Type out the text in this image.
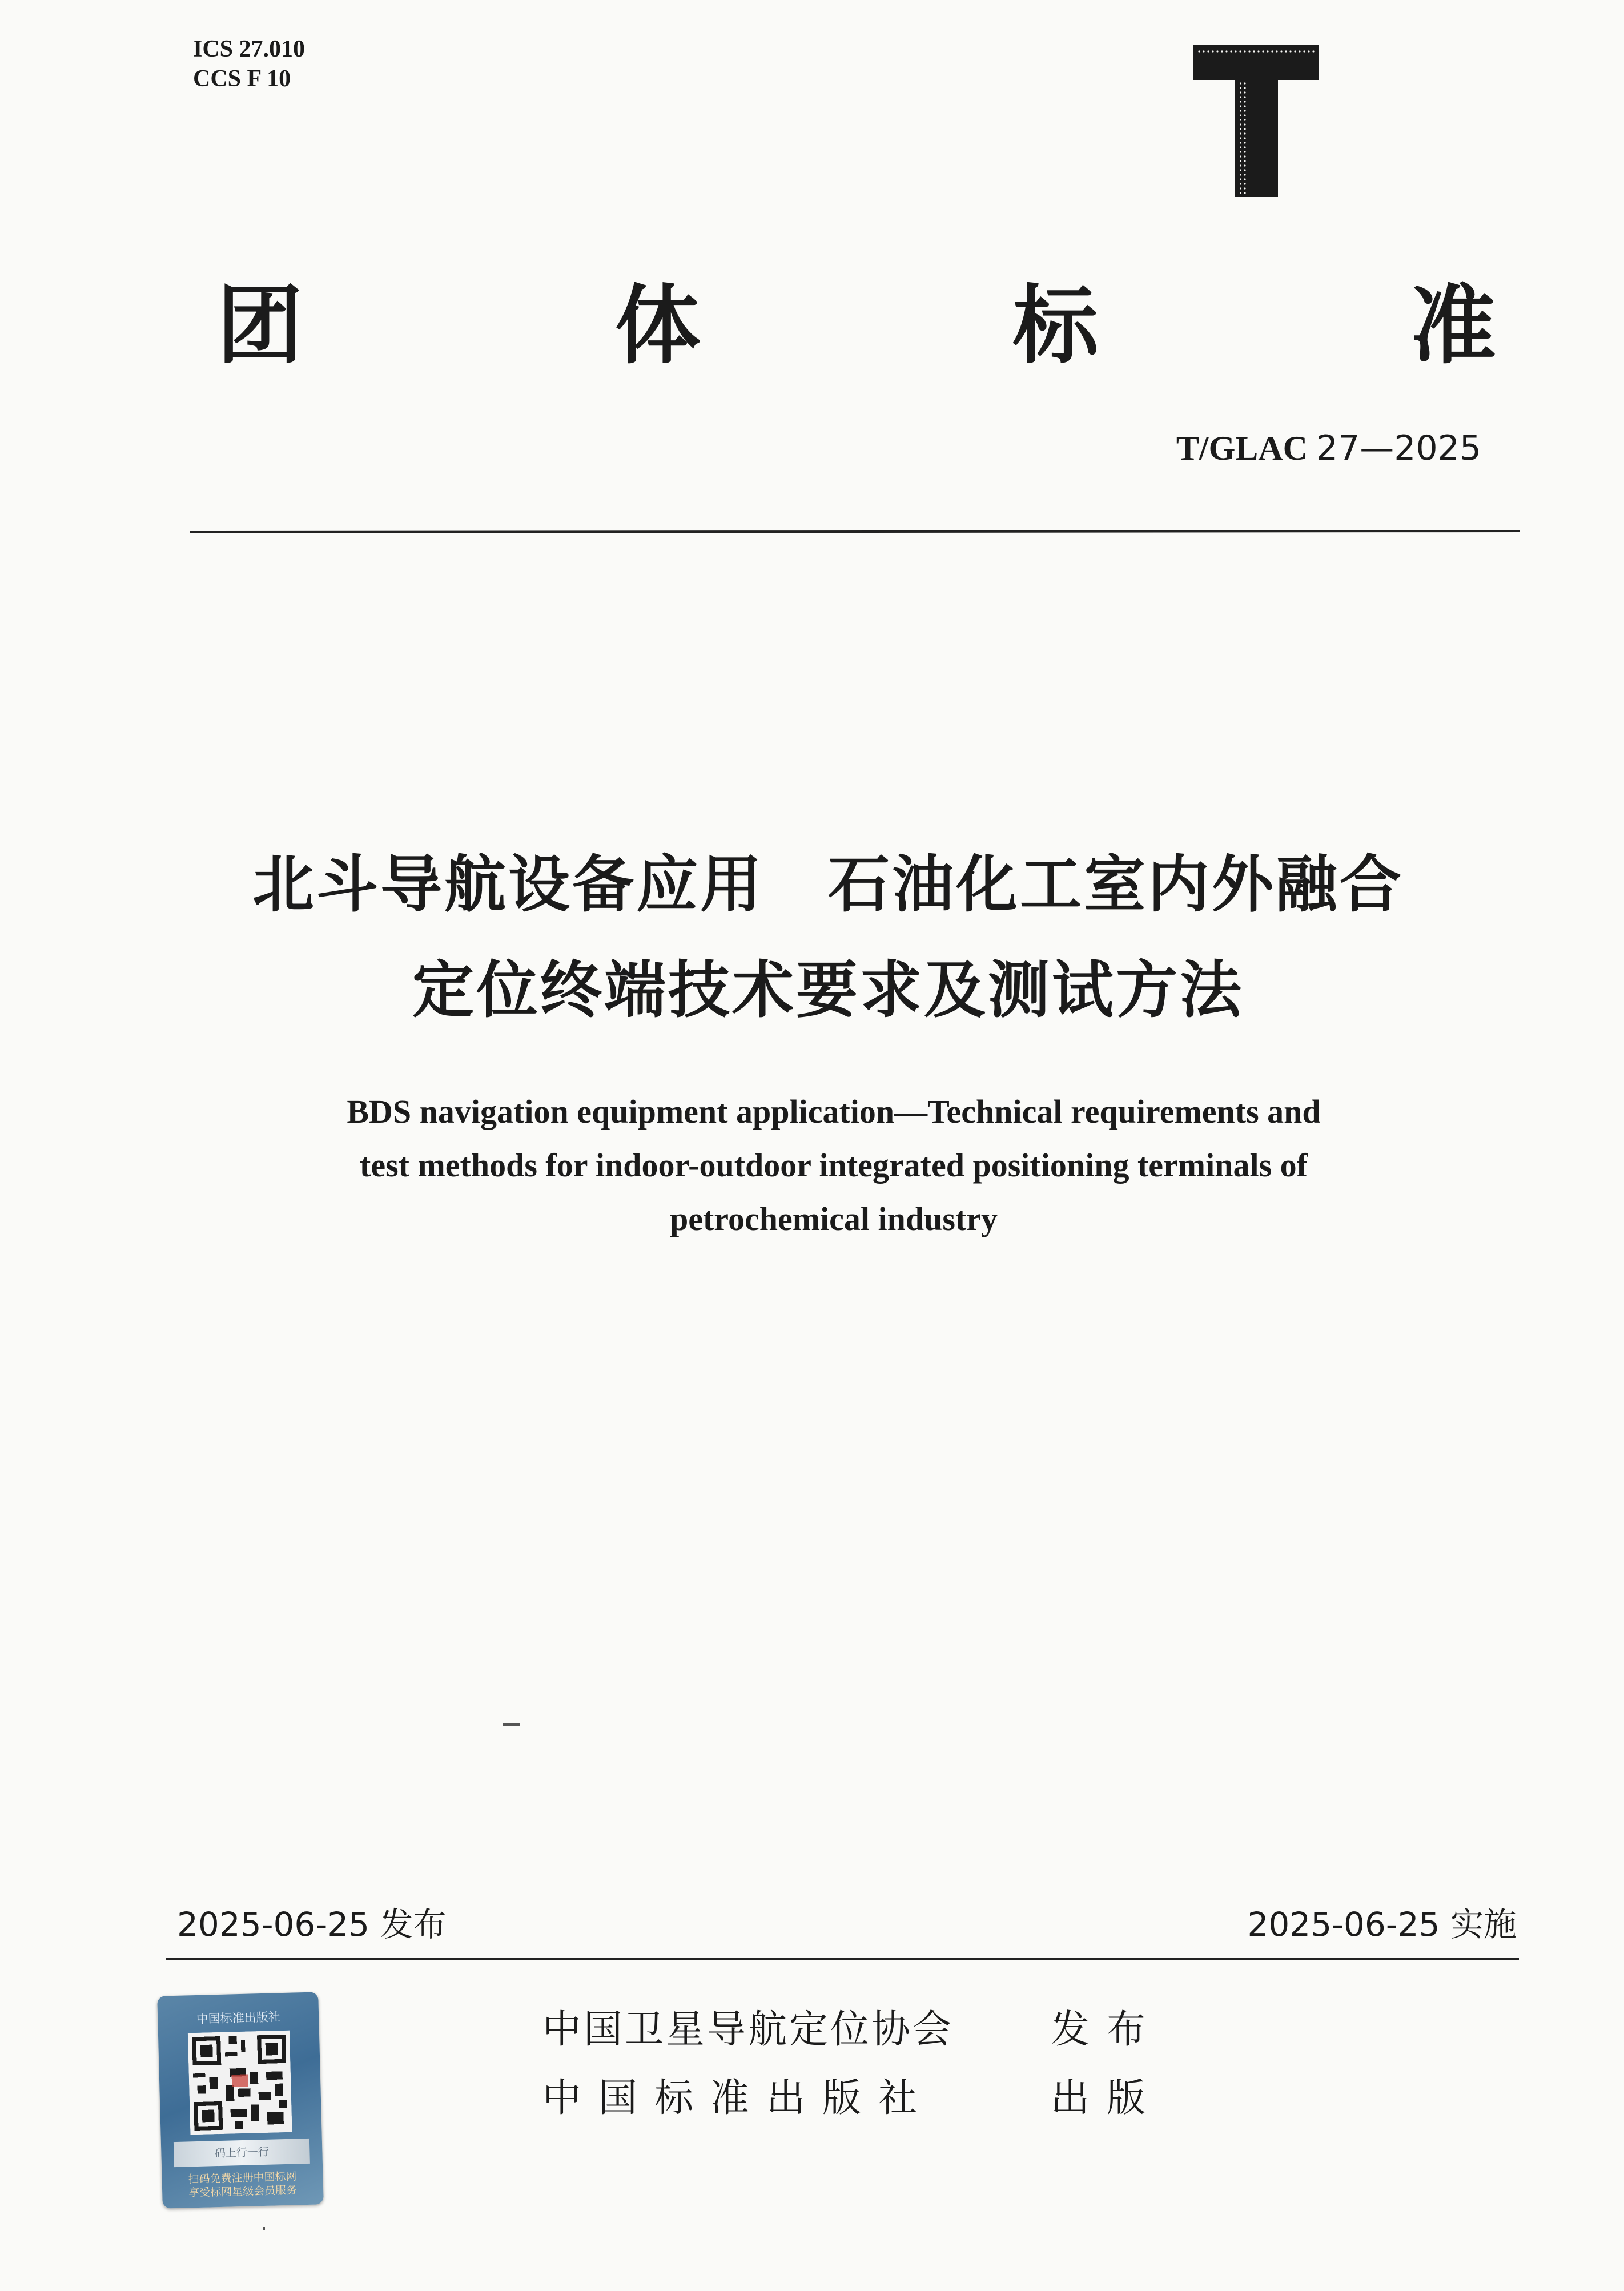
ICS 27.010
CCS F 10
团	体	标	准
T/GLAC 27—2025
北斗导航设备应用　石油化工室内外融合
定位终端技术要求及测试方法
BDS navigation equipment application—Technical requirements and
test methods for indoor-outdoor integrated positioning terminals of
petrochemical industry
2025-06-25 发布	2025-06-25 实施
中国卫星导航定位协会 发布
中国标准出版社	出版
中国标准出版社
码上行一行
扫码免费注册中国标网
享受标网星级会员服务
